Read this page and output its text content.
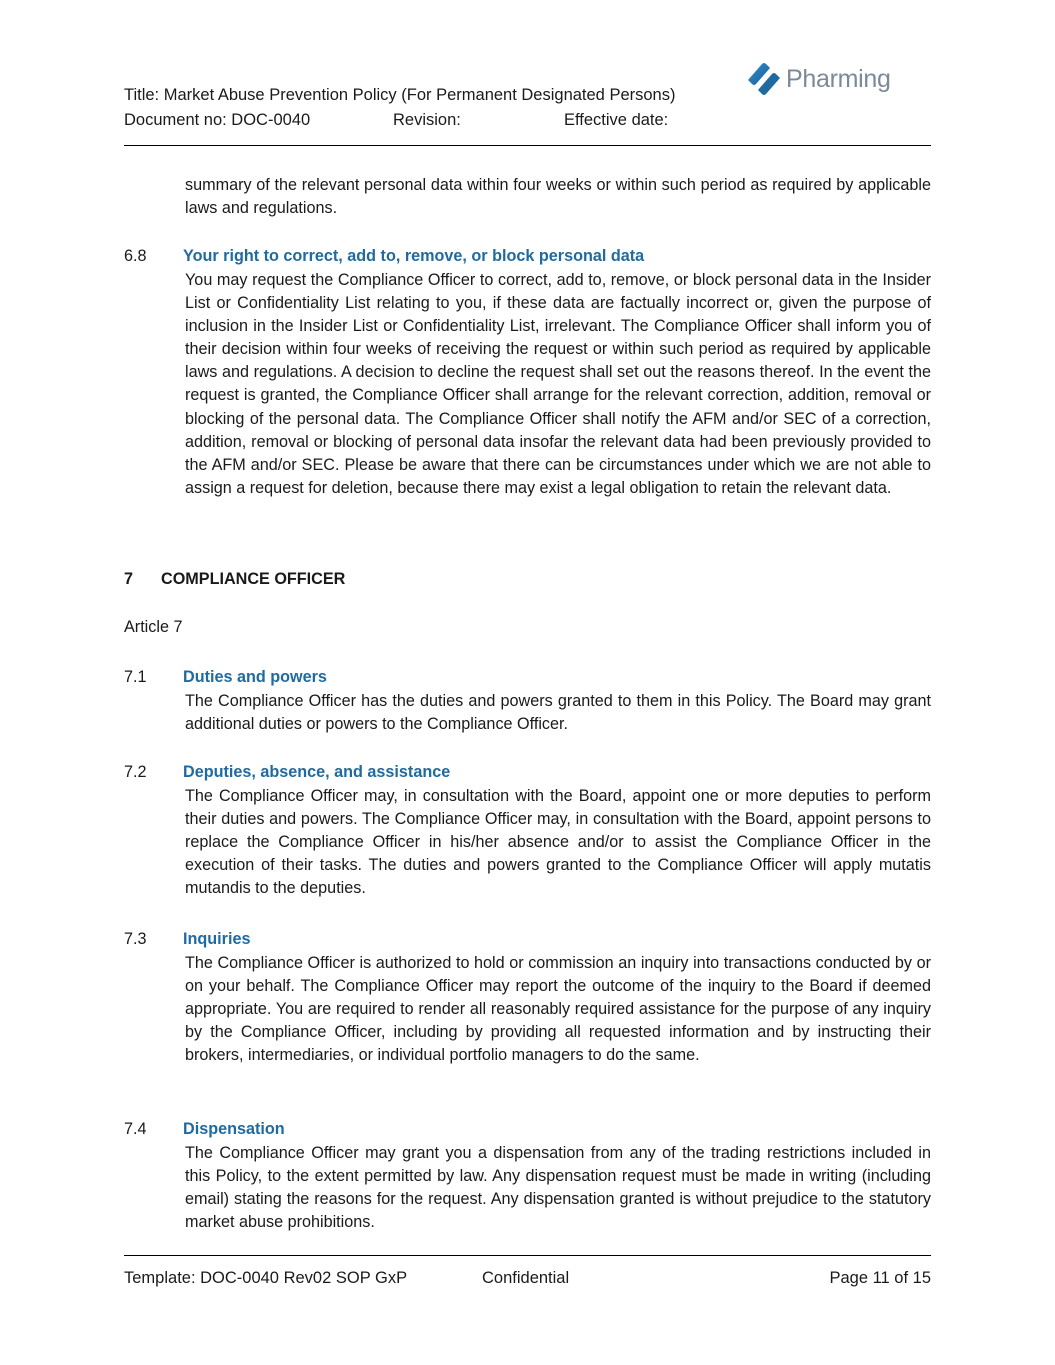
Title: Market Abuse Prevention Policy (For Permanent Designated Persons)
Document no: DOC-0040	Revision:	Effective date:
Pharming
summary of the relevant personal data within four weeks or within such period as required by applicable laws and regulations.
6.8 Your right to correct, add to, remove, or block personal data
You may request the Compliance Officer to correct, add to, remove, or block personal data in the Insider List or Confidentiality List relating to you, if these data are factually incorrect or, given the purpose of inclusion in the Insider List or Confidentiality List, irrelevant. The Compliance Officer shall inform you of their decision within four weeks of receiving the request or within such period as required by applicable laws and regulations. A decision to decline the request shall set out the reasons thereof. In the event the request is granted, the Compliance Officer shall arrange for the relevant correction, addition, removal or blocking of the personal data. The Compliance Officer shall notify the AFM and/or SEC of a correction, addition, removal or blocking of personal data insofar the relevant data had been previously provided to the AFM and/or SEC. Please be aware that there can be circumstances under which we are not able to assign a request for deletion, because there may exist a legal obligation to retain the relevant data.
7 COMPLIANCE OFFICER
Article 7
7.1 Duties and powers
The Compliance Officer has the duties and powers granted to them in this Policy. The Board may grant additional duties or powers to the Compliance Officer.
7.2 Deputies, absence, and assistance
The Compliance Officer may, in consultation with the Board, appoint one or more deputies to perform their duties and powers. The Compliance Officer may, in consultation with the Board, appoint persons to replace the Compliance Officer in his/her absence and/or to assist the Compliance Officer in the execution of their tasks. The duties and powers granted to the Compliance Officer will apply mutatis mutandis to the deputies.
7.3 Inquiries
The Compliance Officer is authorized to hold or commission an inquiry into transactions conducted by or on your behalf. The Compliance Officer may report the outcome of the inquiry to the Board if deemed appropriate. You are required to render all reasonably required assistance for the purpose of any inquiry by the Compliance Officer, including by providing all requested information and by instructing their brokers, intermediaries, or individual portfolio managers to do the same.
7.4 Dispensation
The Compliance Officer may grant you a dispensation from any of the trading restrictions included in this Policy, to the extent permitted by law. Any dispensation request must be made in writing (including email) stating the reasons for the request. Any dispensation granted is without prejudice to the statutory market abuse prohibitions.
Template: DOC-0040 Rev02 SOP GxP	Confidential	Page 11 of 15
